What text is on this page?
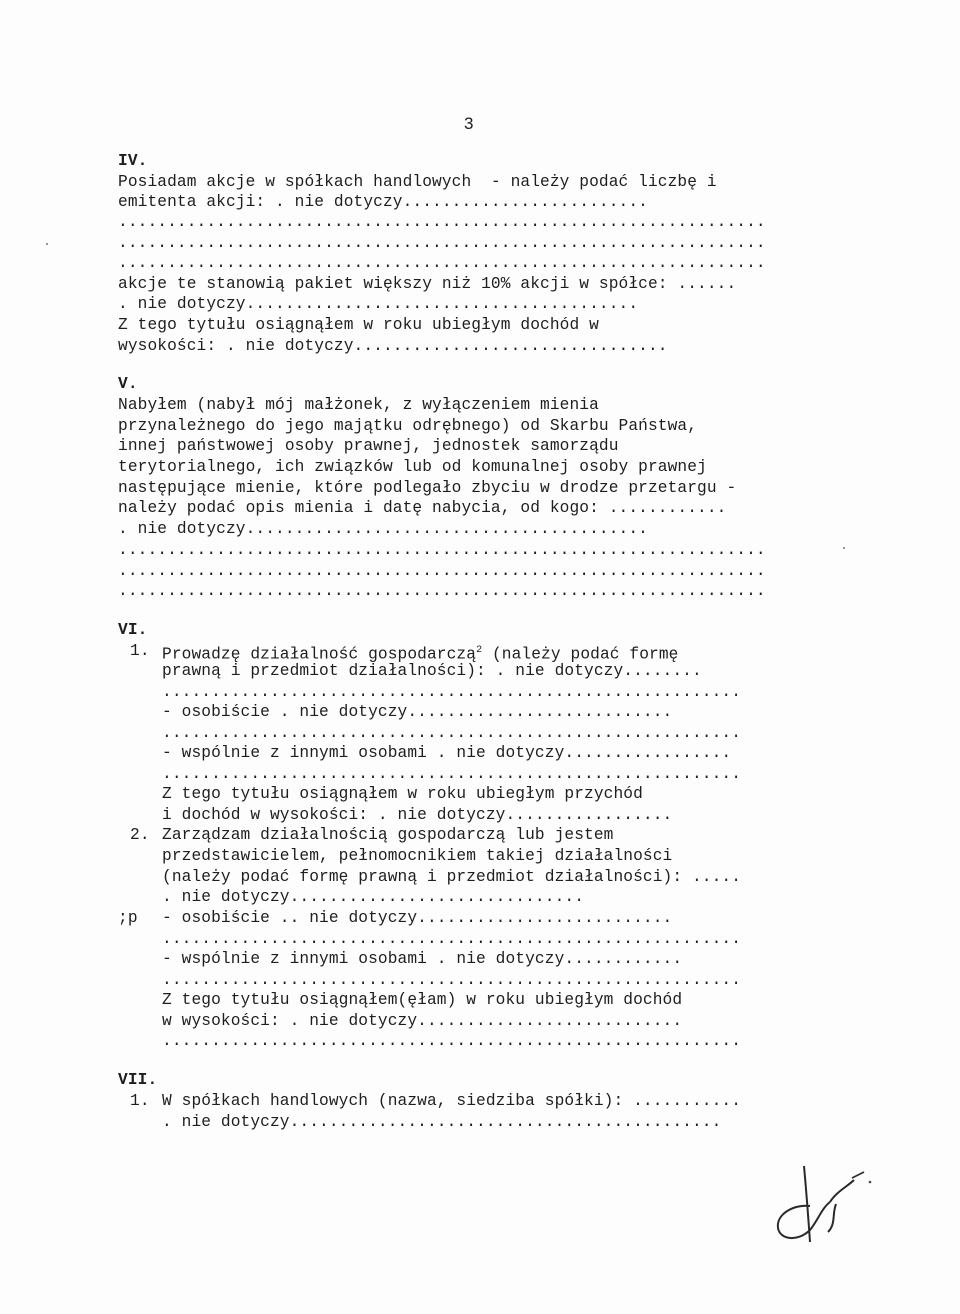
3
IV.
Posiadam akcje w spółkach handlowych  - należy podać liczbę i
emitenta akcji: . nie dotyczy.........................
..................................................................
..................................................................
..................................................................
akcje te stanowią pakiet większy niż 10% akcji w spółce: ......
. nie dotyczy........................................
Z tego tytułu osiągnąłem w roku ubiegłym dochód w
wysokości: . nie dotyczy................................
V.
Nabyłem (nabył mój małżonek, z wyłączeniem mienia
przynależnego do jego majątku odrębnego) od Skarbu Państwa,
innej państwowej osoby prawnej, jednostek samorządu
terytorialnego, ich związków lub od komunalnej osoby prawnej
następujące mienie, które podlegało zbyciu w drodze przetargu -
należy podać opis mienia i datę nabycia, od kogo: ............
. nie dotyczy.........................................
..................................................................
..................................................................
..................................................................
VI.
1. Prowadzę działalność gospodarczą$^2$ (należy podać formę
prawną i przedmiot działalności): . nie dotyczy........
...........................................................
- osobiście . nie dotyczy...........................
...........................................................
- wspólnie z innymi osobami . nie dotyczy.................
...........................................................
Z tego tytułu osiągnąłem w roku ubiegłym przychód
i dochód w wysokości: . nie dotyczy.................
2. Zarządzam działalnością gospodarczą lub jestem
przedstawicielem, pełnomocnikiem takiej działalności
(należy podać formę prawną i przedmiot działalności): .....
. nie dotyczy..............................
;p - osobiście .. nie dotyczy..........................
...........................................................
- wspólnie z innymi osobami . nie dotyczy............
...........................................................
Z tego tytułu osiągnąłem(ęłam) w roku ubiegłym dochód
w wysokości: . nie dotyczy...........................
...........................................................
VII.
1. W spółkach handlowych (nazwa, siedziba spółki): ...........
. nie dotyczy............................................
